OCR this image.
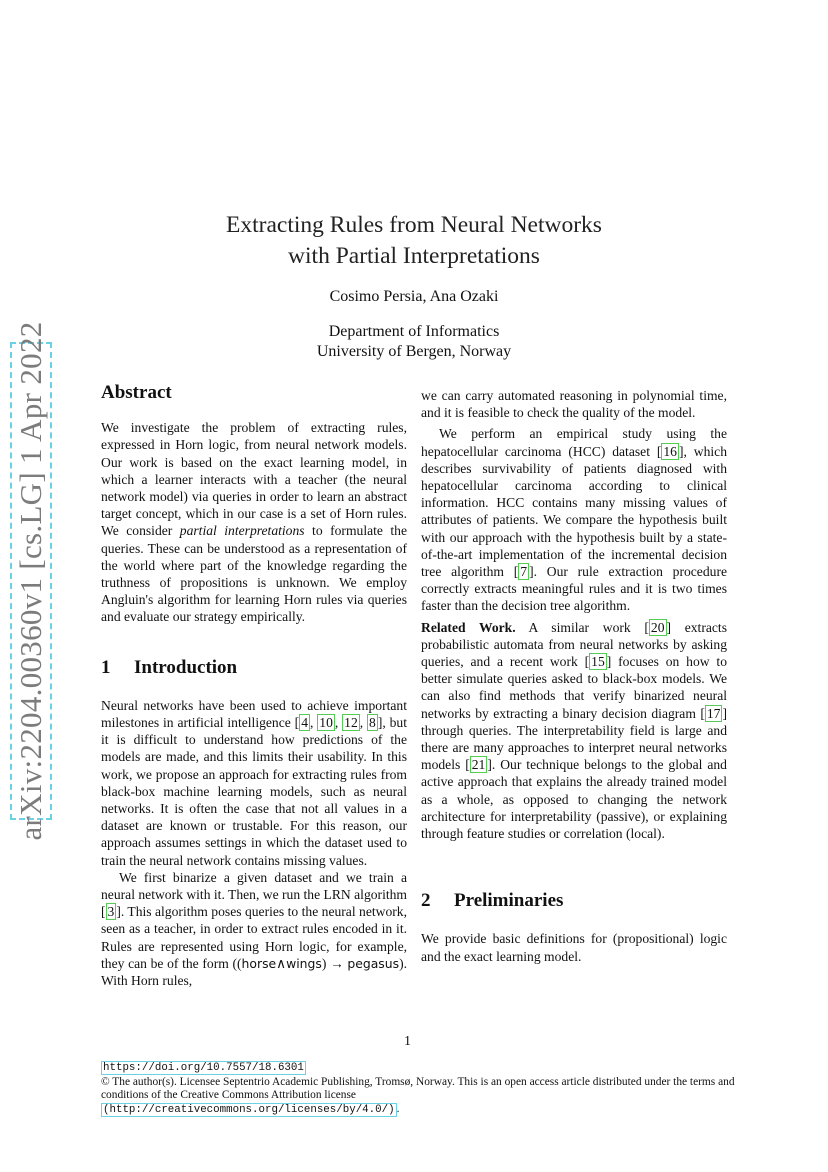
arXiv:2204.00360v1 [cs.LG] 1 Apr 2022
Extracting Rules from Neural Networks
with Partial Interpretations
Cosimo Persia, Ana Ozaki
Department of Informatics
University of Bergen, Norway
Abstract

We investigate the problem of extracting rules, expressed in Horn logic, from neural network models. Our work is based on the exact learning model, in which a learner interacts with a teacher (the neural network model) via queries in order to learn an abstract target concept, which in our case is a set of Horn rules. We consider partial interpretations to formulate the queries. These can be understood as a representation of the world where part of the knowledge regarding the truthness of propositions is unknown. We employ Angluin's algorithm for learning Horn rules via queries and evaluate our strategy empirically.

1 Introduction

Neural networks have been used to achieve important milestones in artificial intelligence [ 4 , 10 , 12 , 8 ], but it is difficult to understand how predictions of the models are made, and this limits their usability. In this work, we propose an approach for extracting rules from black-box machine learning models, such as neural networks. It is often the case that not all values in a dataset are known or trustable. For this reason, our approach assumes settings in which the dataset used to train the neural network contains missing values.

We first binarize a given dataset and we train a neural network with it. Then, we run the LRN algorithm [ 3 ]. This algorithm poses queries to the neural network, seen as a teacher, in order to extract rules encoded in it. Rules are represented using Horn logic, for example, they can be of the form ((horse∧wings) → pegasus). With Horn rules,

we can carry automated reasoning in polynomial time, and it is feasible to check the quality of the model.

We perform an empirical study using the hepatocellular carcinoma (HCC) dataset [ 16 ], which describes survivability of patients diagnosed with hepatocellular carcinoma according to clinical information. HCC contains many missing values of attributes of patients. We compare the hypothesis built with our approach with the hypothesis built by a state-of-the-art implementation of the incremental decision tree algorithm [ 7 ]. Our rule extraction procedure correctly extracts meaningful rules and it is two times faster than the decision tree algorithm.

Related Work. A similar work [ 20 ] extracts probabilistic automata from neural networks by asking queries, and a recent work [ 15 ] focuses on how to better simulate queries asked to black-box models. We can also find methods that verify binarized neural networks by extracting a binary decision diagram [ 17 ] through queries. The interpretability field is large and there are many approaches to interpret neural networks models [ 21 ]. Our technique belongs to the global and active approach that explains the already trained model as a whole, as opposed to changing the network architecture for interpretability (passive), or explaining through feature studies or correlation (local).

2 Preliminaries

We provide basic definitions for (propositional) logic and the exact learning model.

1
https://doi.org/10.7557/18.6301
© The author(s). Licensee Septentrio Academic Publishing, Tromsø, Norway. This is an open access article distributed under the terms and conditions of the Creative Commons Attribution license
(http://creativecommons.org/licenses/by/4.0/) .
